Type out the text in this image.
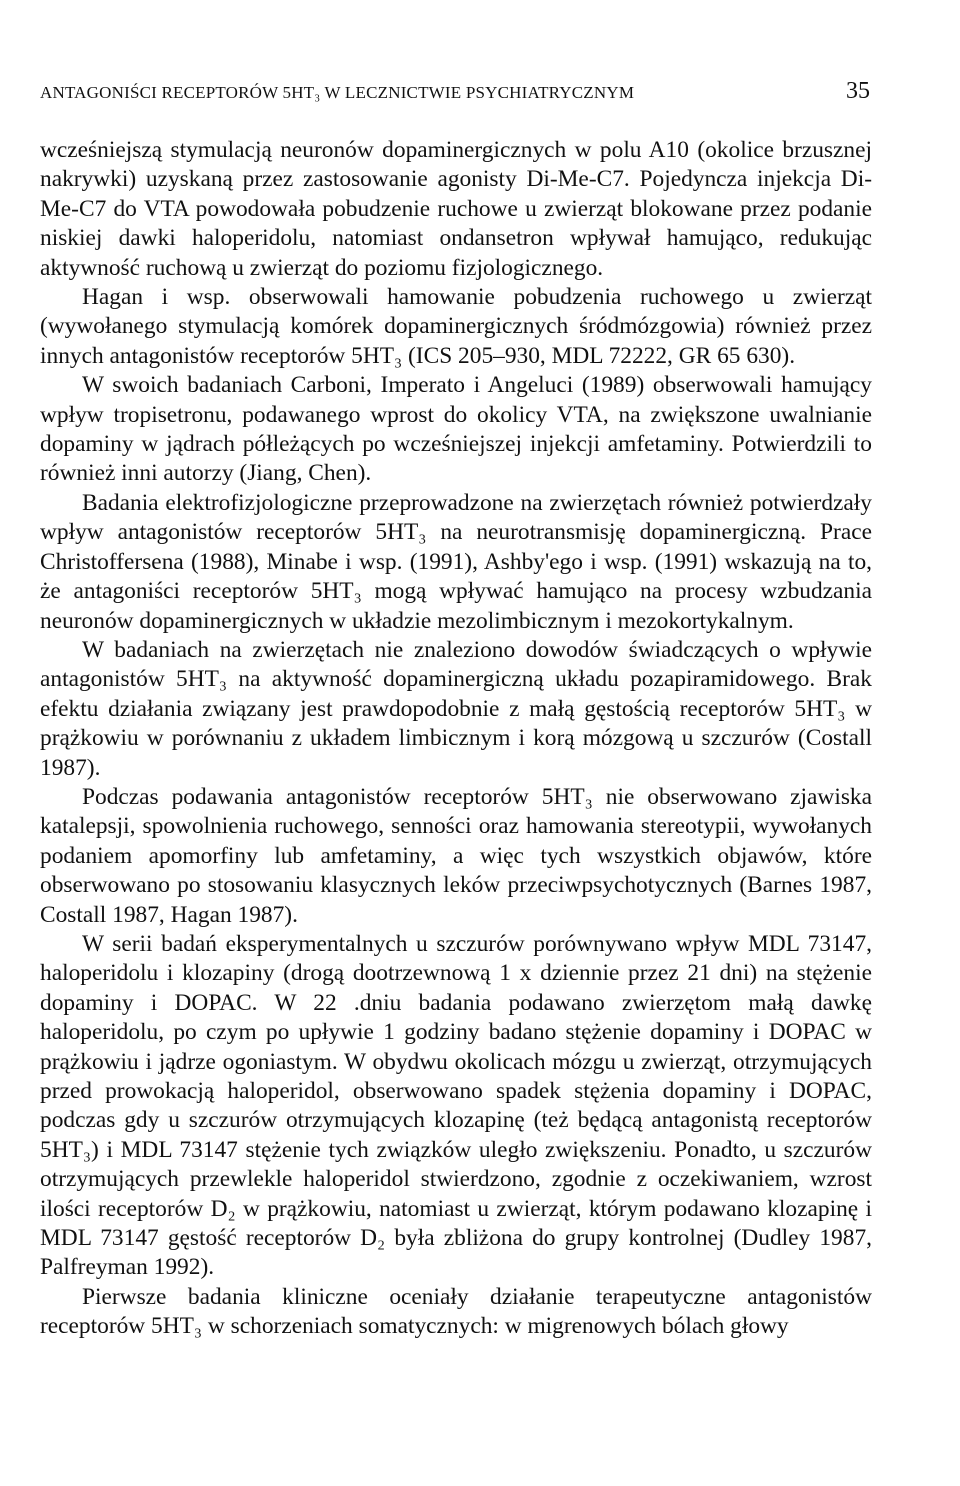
ANTAGONIŚCI RECEPTORÓW 5HT₃ W LECZNICTWIE PSYCHIATRYCZNYM	35

wcześniejszą stymulacją neuronów dopaminergicznych w polu A10 (okolice brzusznej nakrywki) uzyskaną przez zastosowanie agonisty Di-Me-C7. Pojedyncza injekcja Di-Me-C7 do VTA powodowała pobudzenie ruchowe u zwierząt blokowane przez podanie niskiej dawki haloperidolu, natomiast ondansetron wpływał hamująco, redukując aktywność ruchową u zwierząt do poziomu fizjologicznego.

Hagan i wsp. obserwowali hamowanie pobudzenia ruchowego u zwierząt (wywołanego stymulacją komórek dopaminergicznych śródmózgowia) również przez innych antagonistów receptorów 5HT₃ (ICS 205–930, MDL 72222, GR 65 630).

W swoich badaniach Carboni, Imperato i Angeluci (1989) obserwowali hamujący wpływ tropisetronu, podawanego wprost do okolicy VTA, na zwiększone uwalnianie dopaminy w jądrach półleżących po wcześniejszej injekcji amfetaminy. Potwierdzili to również inni autorzy (Jiang, Chen).

Badania elektrofizjologiczne przeprowadzone na zwierzętach również potwierdzały wpływ antagonistów receptorów 5HT₃ na neurotransmisję dopaminergiczną. Prace Christoffersena (1988), Minabe i wsp. (1991), Ashby'ego i wsp. (1991) wskazują na to, że antagoniści receptorów 5HT₃ mogą wpływać hamująco na procesy wzbudzania neuronów dopaminergicznych w układzie mezolimbicznym i mezokortykalnym.

W badaniach na zwierzętach nie znaleziono dowodów świadczących o wpływie antagonistów 5HT₃ na aktywność dopaminergiczną układu pozapiramidowego. Brak efektu działania związany jest prawdopodobnie z małą gęstością receptorów 5HT₃ w prążkowiu w porównaniu z układem limbicznym i korą mózgową u szczurów (Costall 1987).

Podczas podawania antagonistów receptorów 5HT₃ nie obserwowano zjawiska katalepsji, spowolnienia ruchowego, senności oraz hamowania stereotypii, wywołanych podaniem apomorfiny lub amfetaminy, a więc tych wszystkich objawów, które obserwowano po stosowaniu klasycznych leków przeciwpsychotycznych (Barnes 1987, Costall 1987, Hagan 1987).

W serii badań eksperymentalnych u szczurów porównywano wpływ MDL 73147, haloperidolu i klozapiny (drogą dootrzewnową 1 x dziennie przez 21 dni) na stężenie dopaminy i DOPAC. W 22 .dniu badania podawano zwierzętom małą dawkę haloperidolu, po czym po upływie 1 godziny badano stężenie dopaminy i DOPAC w prążkowiu i jądrze ogoniastym. W obydwu okolicach mózgu u zwierząt, otrzymujących przed prowokacją haloperidol, obserwowano spadek stężenia dopaminy i DOPAC, podczas gdy u szczurów otrzymujących klozapinę (też będącą antagonistą receptorów 5HT₃) i MDL 73147 stężenie tych związków uległo zwiększeniu. Ponadto, u szczurów otrzymujących przewlekle haloperidol stwierdzono, zgodnie z oczekiwaniem, wzrost ilości receptorów D₂ w prążkowiu, natomiast u zwierząt, którym podawano klozapinę i MDL 73147 gęstość receptorów D₂ była zbliżona do grupy kontrolnej (Dudley 1987, Palfreyman 1992).

Pierwsze badania kliniczne oceniały działanie terapeutyczne antagonistów receptorów 5HT₃ w schorzeniach somatycznych: w migrenowych bólach głowy
